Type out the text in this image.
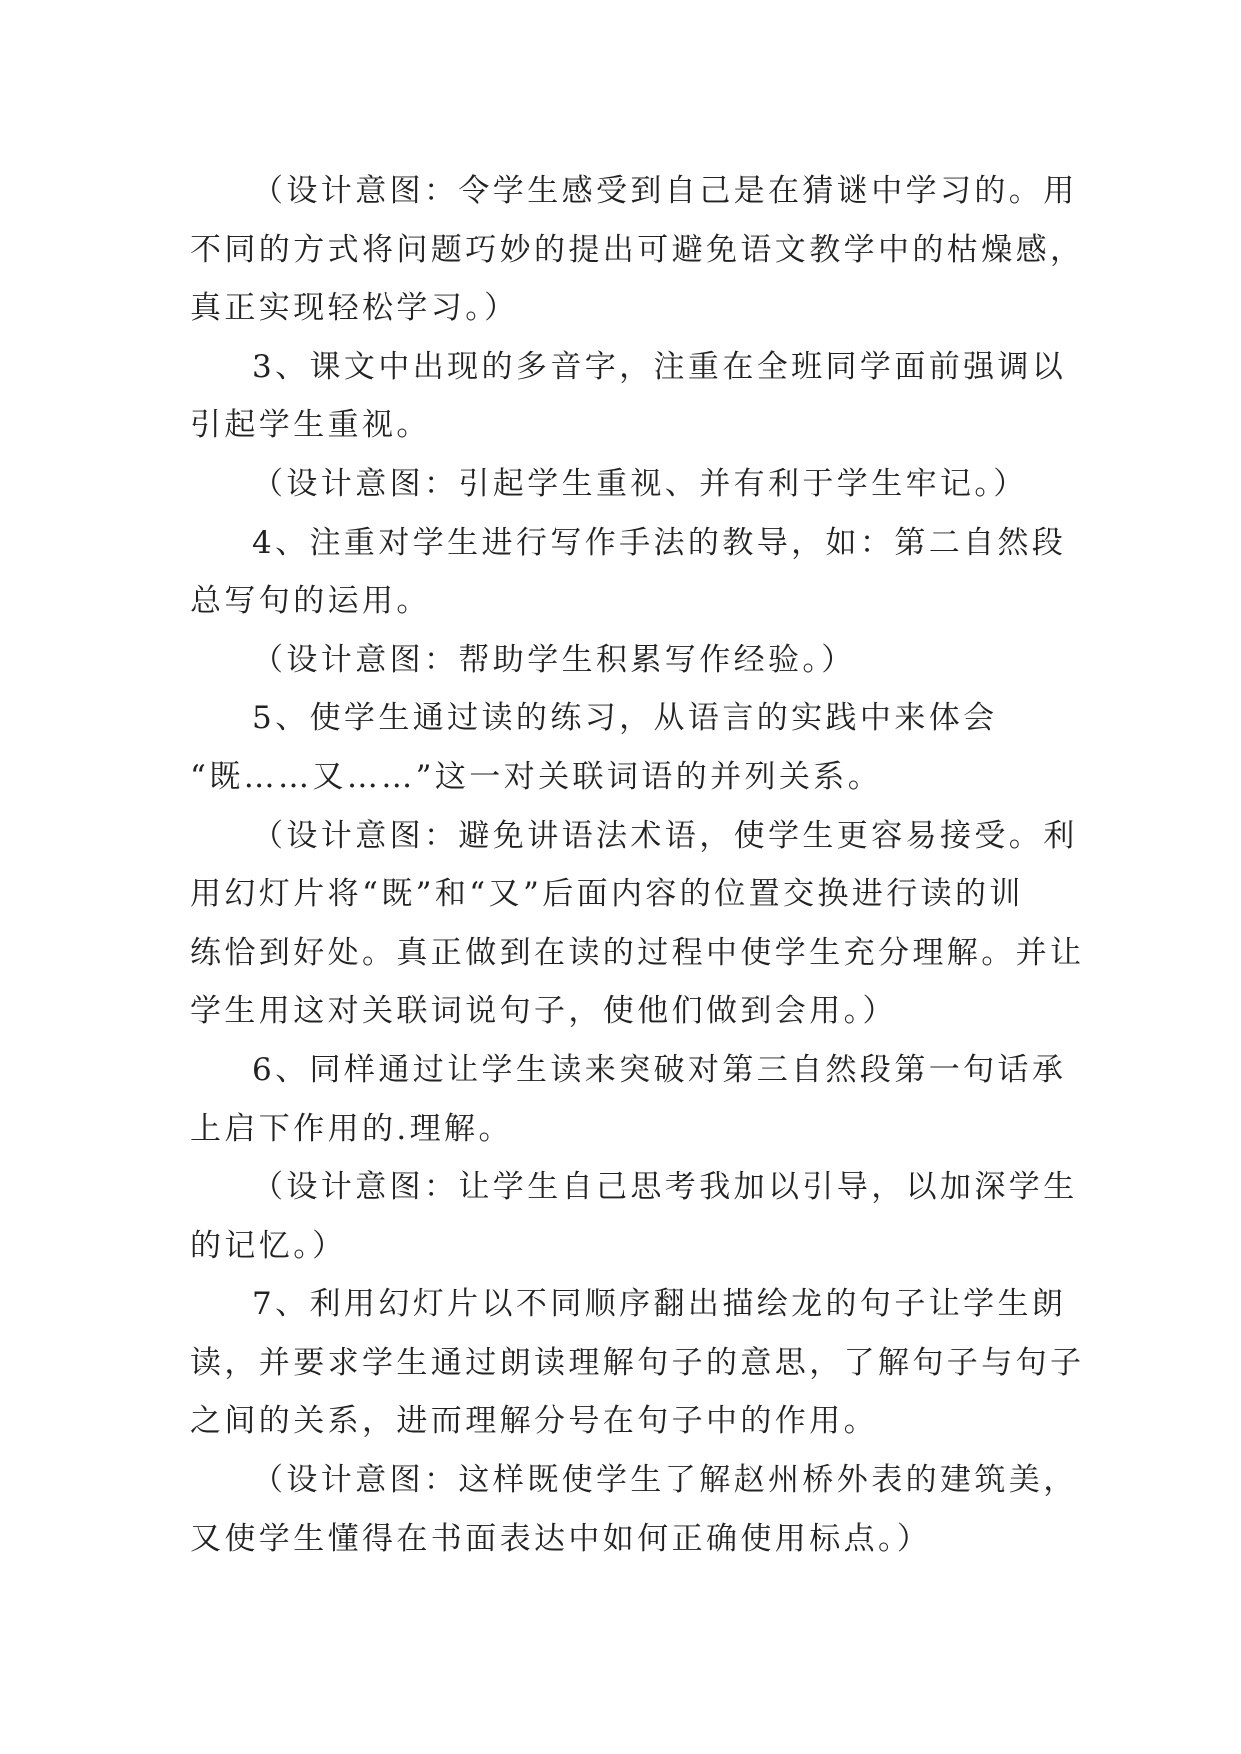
（设计意图：令学生感受到自己是在猜谜中学习的。用
不同的方式将问题巧妙的提出可避免语文教学中的枯燥感，
真正实现轻松学习。）

3、课文中出现的多音字，注重在全班同学面前强调以
引起学生重视。

（设计意图：引起学生重视、并有利于学生牢记。）

4、注重对学生进行写作手法的教导，如：第二自然段
总写句的运用。

（设计意图：帮助学生积累写作经验。）

5、使学生通过读的练习，从语言的实践中来体会
“既……又……”这一对关联词语的并列关系。

（设计意图：避免讲语法术语，使学生更容易接受。利
用幻灯片将“既”和“又”后面内容的位置交换进行读的训
练恰到好处。真正做到在读的过程中使学生充分理解。并让
学生用这对关联词说句子，使他们做到会用。）

6、同样通过让学生读来突破对第三自然段第一句话承
上启下作用的.理解。

（设计意图：让学生自己思考我加以引导，以加深学生
的记忆。）

7、利用幻灯片以不同顺序翻出描绘龙的句子让学生朗
读，并要求学生通过朗读理解句子的意思，了解句子与句子
之间的关系，进而理解分号在句子中的作用。

（设计意图：这样既使学生了解赵州桥外表的建筑美，
又使学生懂得在书面表达中如何正确使用标点。）
